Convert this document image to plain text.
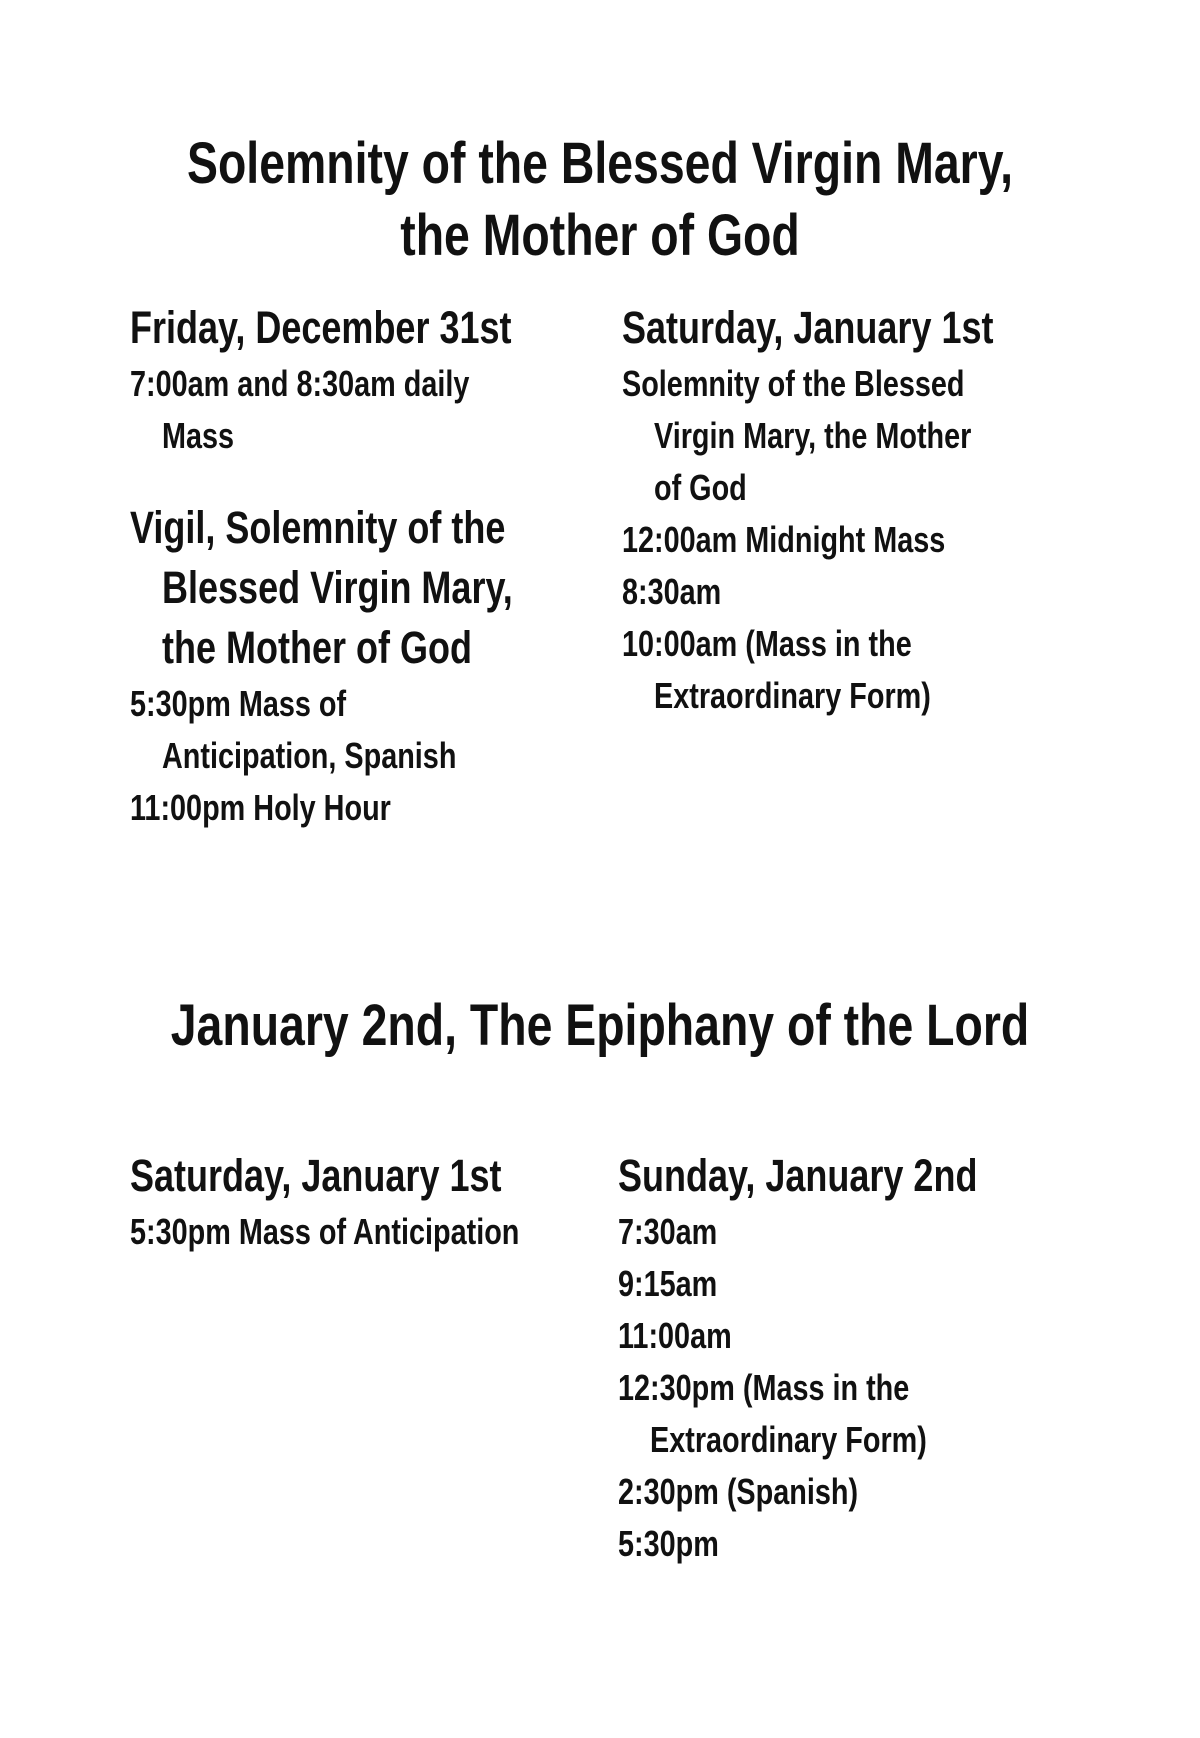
Solemnity of the Blessed Virgin Mary,
the Mother of God
Friday, December 31st

7:00am and 8:30am daily
Mass

Vigil, Solemnity of the
Blessed Virgin Mary,
the Mother of God

5:30pm Mass of
Anticipation, Spanish

11:00pm Holy Hour

Saturday, January 1st

Solemnity of the Blessed
Virgin Mary, the Mother
of God

12:00am Midnight Mass

8:30am

10:00am (Mass in the
Extraordinary Form)

January 2nd, The Epiphany of the Lord
Saturday, January 1st

5:30pm Mass of Anticipation

Sunday, January 2nd

7:30am

9:15am

11:00am

12:30pm (Mass in the
Extraordinary Form)

2:30pm (Spanish)

5:30pm
